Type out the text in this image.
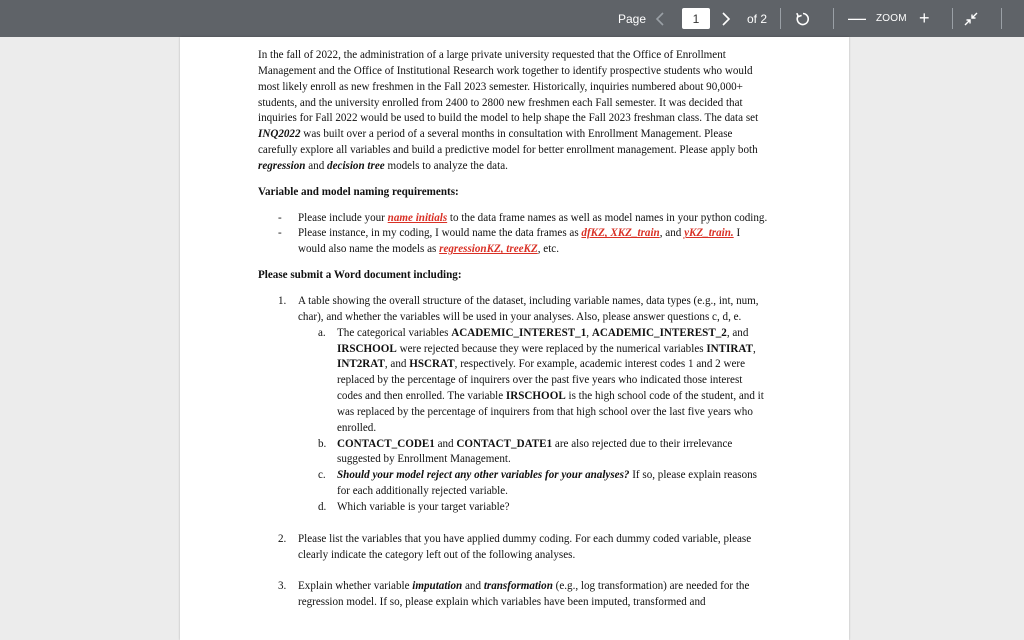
Page
1	of 2	— ZOOM +

In the fall of 2022, the administration of a large private university requested that the Office of Enrollment Management and the Office of Institutional Research work together to identify prospective students who would most likely enroll as new freshmen in the Fall 2023 semester. Historically, inquiries numbered about 90,000+ students, and the university enrolled from 2400 to 2800 new freshmen each Fall semester. It was decided that inquiries for Fall 2022 would be used to build the model to help shape the Fall 2023 freshman class. The data set INQ2022 was built over a period of a several months in consultation with Enrollment Management. Please carefully explore all variables and build a predictive model for better enrollment management. Please apply both regression and decision tree models to analyze the data.

Variable and model naming requirements:

- Please include your name initials to the data frame names as well as model names in your python coding.
- Please instance, in my coding, I would name the data frames as dfKZ, XKZ_train, and yKZ_train. I would also name the models as regressionKZ, treeKZ, etc.

Please submit a Word document including:

1. A table showing the overall structure of the dataset, including variable names, data types (e.g., int, num, char), and whether the variables will be used in your analyses. Also, please answer questions c, d, e.
a. The categorical variables ACADEMIC_INTEREST_1, ACADEMIC_INTEREST_2, and IRSCHOOL were rejected because they were replaced by the numerical variables INTIRAT, INT2RAT, and HSCRAT, respectively. For example, academic interest codes 1 and 2 were replaced by the percentage of inquirers over the past five years who indicated those interest codes and then enrolled. The variable IRSCHOOL is the high school code of the student, and it was replaced by the percentage of inquirers from that high school over the last five years who enrolled.
b. CONTACT_CODE1 and CONTACT_DATE1 are also rejected due to their irrelevance suggested by Enrollment Management.
c. Should your model reject any other variables for your analyses? If so, please explain reasons for each additionally rejected variable.
d. Which variable is your target variable?
2. Please list the variables that you have applied dummy coding. For each dummy coded variable, please clearly indicate the category left out of the following analyses.
3. Explain whether variable imputation and transformation (e.g., log transformation) are needed for the regression model. If so, please explain which variables have been imputed, transformed and
